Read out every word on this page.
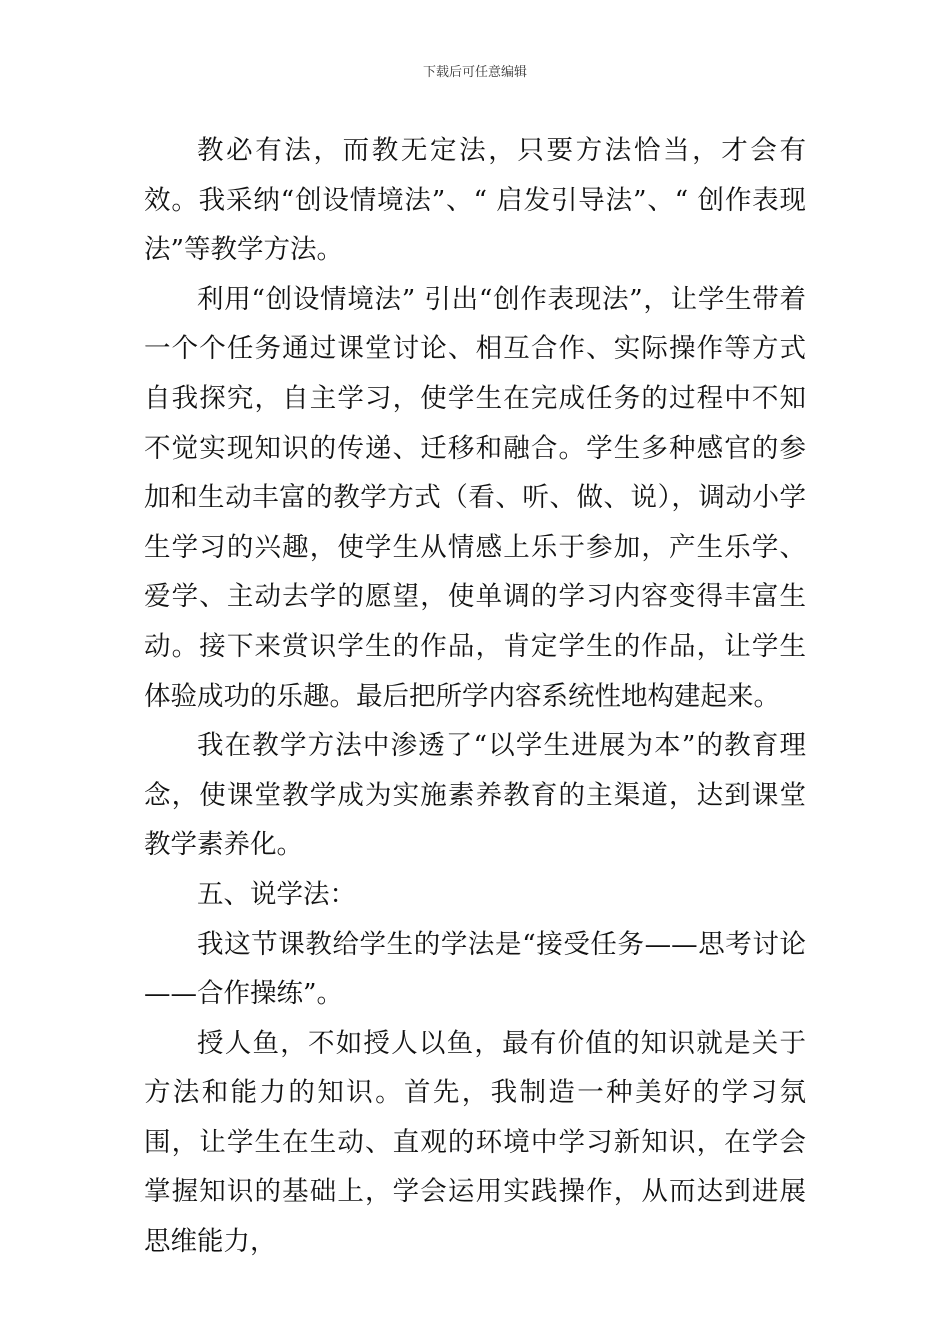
下载后可任意编辑

教必有法，而教无定法，只要方法恰当，才会有效。我采纳“创设情境法”、“ 启发引导法”、“ 创作表现法”等教学方法。

利用“创设情境法” 引出“创作表现法”，让学生带着一个个任务通过课堂讨论、相互合作、实际操作等方式自我探究，自主学习，使学生在完成任务的过程中不知不觉实现知识的传递、迁移和融合。学生多种感官的参加和生动丰富的教学方式（看、听、做、说），调动小学生学习的兴趣，使学生从情感上乐于参加，产生乐学、爱学、主动去学的愿望，使单调的学习内容变得丰富生动。接下来赏识学生的作品，肯定学生的作品，让学生体验成功的乐趣。最后把所学内容系统性地构建起来。

我在教学方法中渗透了“以学生进展为本”的教育理念，使课堂教学成为实施素养教育的主渠道，达到课堂教学素养化。

五、说学法：

我这节课教给学生的学法是“接受任务——思考讨论——合作操练”。

授人鱼，不如授人以鱼，最有价值的知识就是关于方法和能力的知识。首先，我制造一种美好的学习氛围，让学生在生动、直观的环境中学习新知识，在学会掌握知识的基础上，学会运用实践操作，从而达到进展思维能力，
